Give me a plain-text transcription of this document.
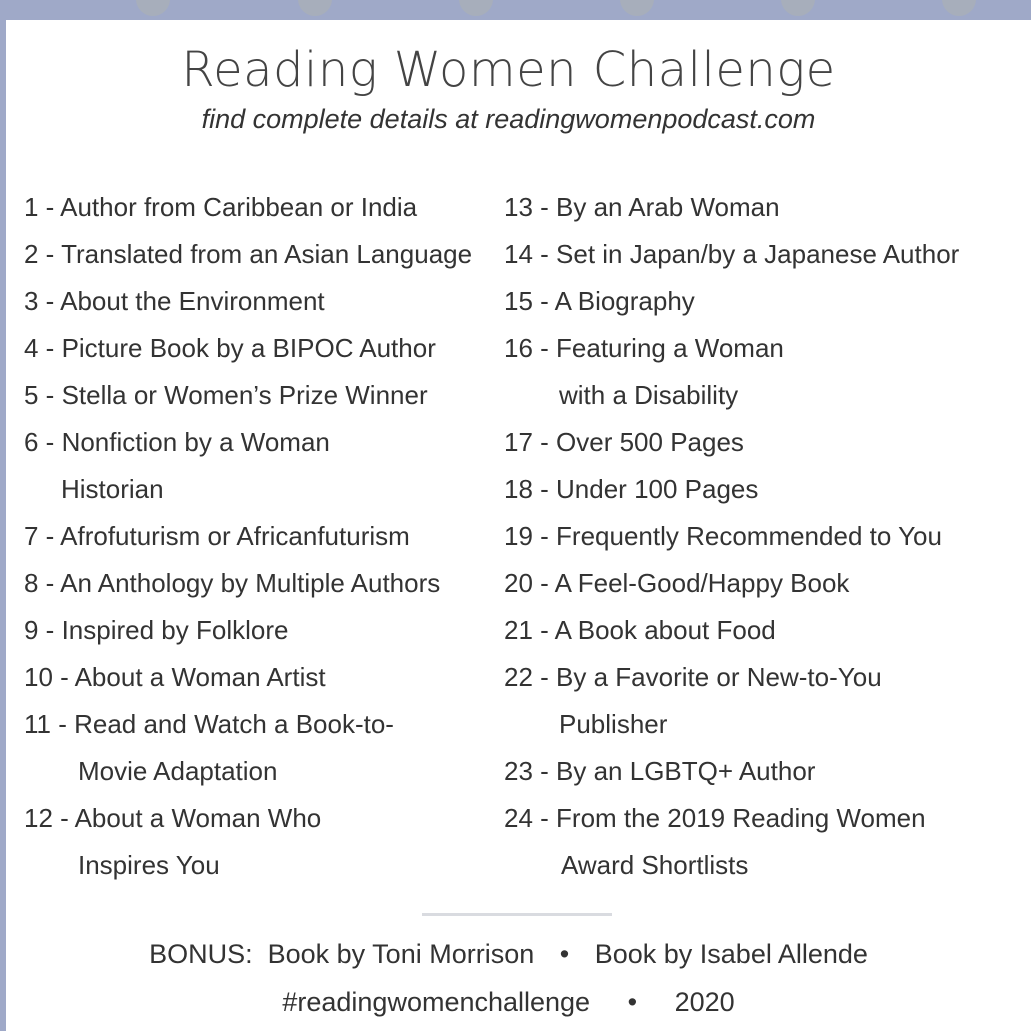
Reading Women Challenge
find complete details at readingwomenpodcast.com
1 - Author from Caribbean or India
2 - Translated from an Asian Language
3 - About the Environment
4 - Picture Book by a BIPOC Author
5 - Stella or Women’s Prize Winner
6 - Nonfiction by a Woman
Historian
7 - Afrofuturism or Africanfuturism
8 - An Anthology by Multiple Authors
9 - Inspired by Folklore
10 - About a Woman Artist
11 - Read and Watch a Book-to-
Movie Adaptation
12 - About a Woman Who
Inspires You
13 - By an Arab Woman
14 - Set in Japan/by a Japanese Author
15 - A Biography
16 - Featuring a Woman
with a Disability
17 - Over 500 Pages
18 - Under 100 Pages
19 - Frequently Recommended to You
20 - A Feel-Good/Happy Book
21 - A Book about Food
22 - By a Favorite or New-to-You
Publisher
23 - By an LGBTQ+ Author
24 - From the 2019 Reading Women
Award Shortlists
BONUS: Book by Toni Morrison • Book by Isabel Allende
#readingwomenchallenge • 2020
